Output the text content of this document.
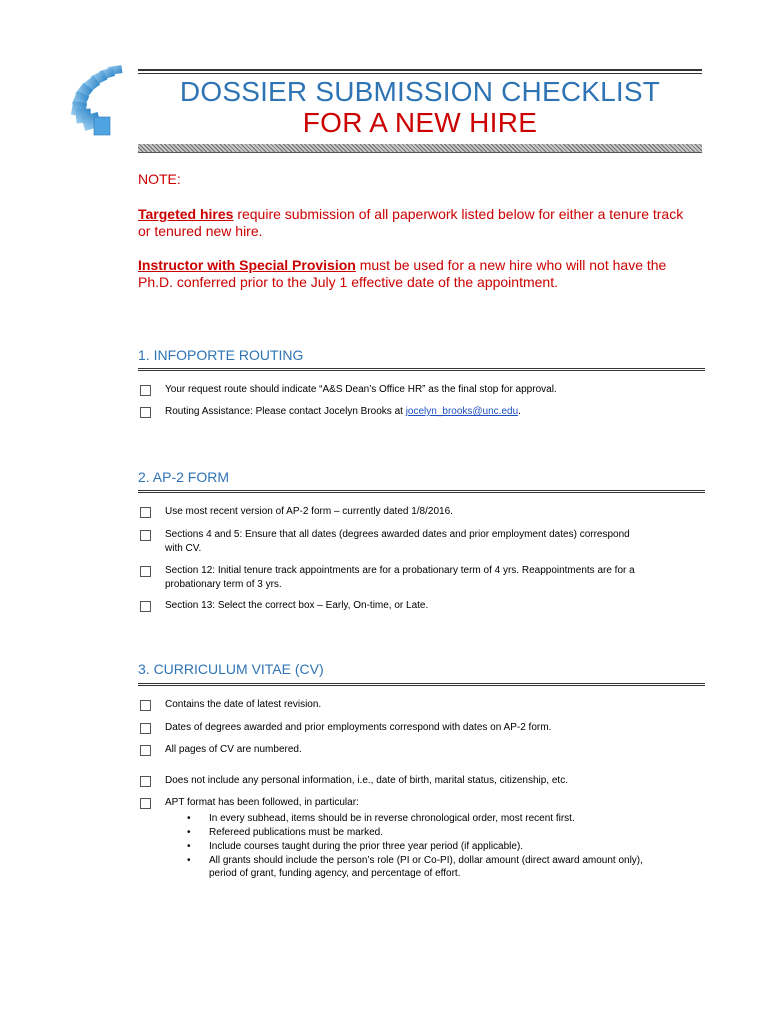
DOSSIER SUBMISSION CHECKLIST
FOR A NEW HIRE
NOTE:
Targeted hires require submission of all paperwork listed below for either a tenure track or tenured new hire.
Instructor with Special Provision must be used for a new hire who will not have the Ph.D. conferred prior to the July 1 effective date of the appointment.
1. INFOPORTE ROUTING
Your request route should indicate “A&S Dean’s Office HR” as the final stop for approval.
Routing Assistance: Please contact Jocelyn Brooks at jocelyn_brooks@unc.edu.
2. AP-2 FORM
Use most recent version of AP-2 form – currently dated 1/8/2016.
Sections 4 and 5: Ensure that all dates (degrees awarded dates and prior employment dates) correspond with CV.
Section 12: Initial tenure track appointments are for a probationary term of 4 yrs. Reappointments are for a probationary term of 3 yrs.
Section 13: Select the correct box – Early, On-time, or Late.
3. CURRICULUM VITAE (CV)
Contains the date of latest revision.
Dates of degrees awarded and prior employments correspond with dates on AP-2 form.
All pages of CV are numbered.
Does not include any personal information, i.e., date of birth, marital status, citizenship, etc.
APT format has been followed, in particular:
• In every subhead, items should be in reverse chronological order, most recent first.
• Refereed publications must be marked.
• Include courses taught during the prior three year period (if applicable).
• All grants should include the person’s role (PI or Co-PI), dollar amount (direct award amount only), period of grant, funding agency, and percentage of effort.
